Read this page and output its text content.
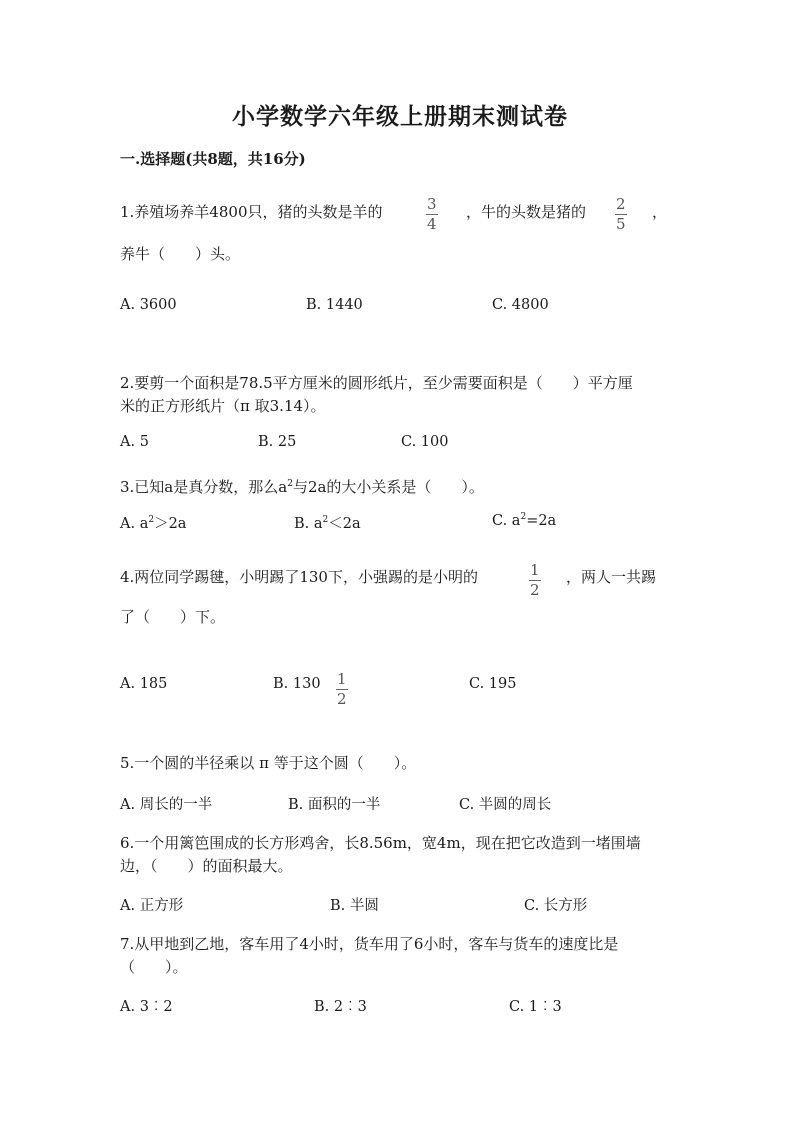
小学数学六年级上册期末测试卷
一.选择题(共8题，共16分)
1.养殖场养羊4800只，猪的头数是羊的	3
4
，牛的头数是猪的 2
5
，
养牛（　　）头。
A. 3600	B. 1440	C. 4800
2.要剪一个面积是78.5平方厘米的圆形纸片，至少需要面积是（　　）平方厘
米的正方形纸片（π 取3.14）。
A. 5	B. 25	C. 100
3.已知a是真分数，那么$a^2$与2a的大小关系是（　　）。
A. $a^2>2a$	B. $a^2<2a$	C. $a^2=2a$
4.两位同学踢毽，小明踢了130下，小强踢的是小明的	1
2
，两人一共踢
了（　　）下。
A. 185	B. 130 1
2
C. 195
5.一个圆的半径乘以 π 等于这个圆（　　）。
A. 周长的一半	B. 面积的一半	C. 半圆的周长
6.一个用篱笆围成的长方形鸡舍，长8.56m，宽4m，现在把它改造到一堵围墙
边，（　　）的面积最大。
A. 正方形	B. 半圆	C. 长方形
7.从甲地到乙地，客车用了4小时，货车用了6小时，客车与货车的速度比是
（　　）。
A. 3︰2	B. 2︰3	C. 1︰3
